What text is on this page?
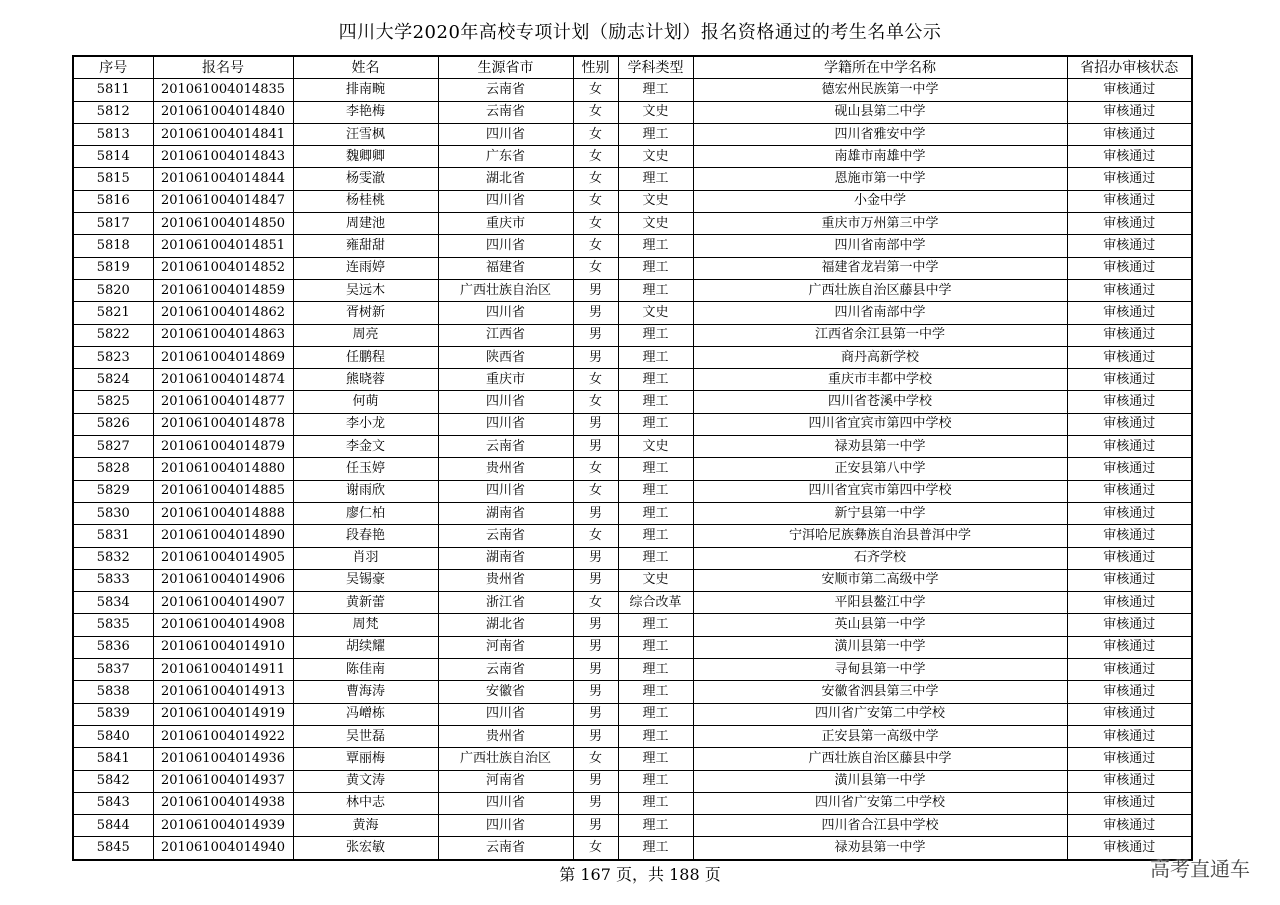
四川大学2020年高校专项计划（励志计划）报名资格通过的考生名单公示
序号	报名号	姓名	生源省市	性别	学科类型	学籍所在中学名称	省招办审核状态
5811	201061004014835	排南畹	云南省	女	理工	德宏州民族第一中学	审核通过
5812	201061004014840	李艳梅	云南省	女	文史	砚山县第二中学	审核通过
5813	201061004014841	汪雪枫	四川省	女	理工	四川省雅安中学	审核通过
5814	201061004014843	魏卿卿	广东省	女	文史	南雄市南雄中学	审核通过
5815	201061004014844	杨雯澈	湖北省	女	理工	恩施市第一中学	审核通过
5816	201061004014847	杨桂桃	四川省	女	文史	小金中学	审核通过
5817	201061004014850	周建池	重庆市	女	文史	重庆市万州第三中学	审核通过
5818	201061004014851	雍甜甜	四川省	女	理工	四川省南部中学	审核通过
5819	201061004014852	连雨婷	福建省	女	理工	福建省龙岩第一中学	审核通过
5820	201061004014859	吴远木	广西壮族自治区	男	理工	广西壮族自治区藤县中学	审核通过
5821	201061004014862	胥树新	四川省	男	文史	四川省南部中学	审核通过
5822	201061004014863	周亮	江西省	男	理工	江西省余江县第一中学	审核通过
5823	201061004014869	任鹏程	陕西省	男	理工	商丹高新学校	审核通过
5824	201061004014874	熊晓蓉	重庆市	女	理工	重庆市丰都中学校	审核通过
5825	201061004014877	何萌	四川省	女	理工	四川省苍溪中学校	审核通过
5826	201061004014878	李小龙	四川省	男	理工	四川省宜宾市第四中学校	审核通过
5827	201061004014879	李金文	云南省	男	文史	禄劝县第一中学	审核通过
5828	201061004014880	任玉婷	贵州省	女	理工	正安县第八中学	审核通过
5829	201061004014885	谢雨欣	四川省	女	理工	四川省宜宾市第四中学校	审核通过
5830	201061004014888	廖仁柏	湖南省	男	理工	新宁县第一中学	审核通过
5831	201061004014890	段春艳	云南省	女	理工	宁洱哈尼族彝族自治县普洱中学	审核通过
5832	201061004014905	肖羽	湖南省	男	理工	石齐学校	审核通过
5833	201061004014906	吴锡豪	贵州省	男	文史	安顺市第二高级中学	审核通过
5834	201061004014907	黄新蕾	浙江省	女	综合改革	平阳县鳌江中学	审核通过
5835	201061004014908	周梵	湖北省	男	理工	英山县第一中学	审核通过
5836	201061004014910	胡续耀	河南省	男	理工	潢川县第一中学	审核通过
5837	201061004014911	陈佳南	云南省	男	理工	寻甸县第一中学	审核通过
5838	201061004014913	曹海涛	安徽省	男	理工	安徽省泗县第三中学	审核通过
5839	201061004014919	冯嶒栋	四川省	男	理工	四川省广安第二中学校	审核通过
5840	201061004014922	吴世磊	贵州省	男	理工	正安县第一高级中学	审核通过
5841	201061004014936	覃丽梅	广西壮族自治区	女	理工	广西壮族自治区藤县中学	审核通过
5842	201061004014937	黄文涛	河南省	男	理工	潢川县第一中学	审核通过
5843	201061004014938	林中志	四川省	男	理工	四川省广安第二中学校	审核通过
5844	201061004014939	黄海	四川省	男	理工	四川省合江县中学校	审核通过
5845	201061004014940	张宏敏	云南省	女	理工	禄劝县第一中学	审核通过
第 167 页，共 188 页	高考直通车
